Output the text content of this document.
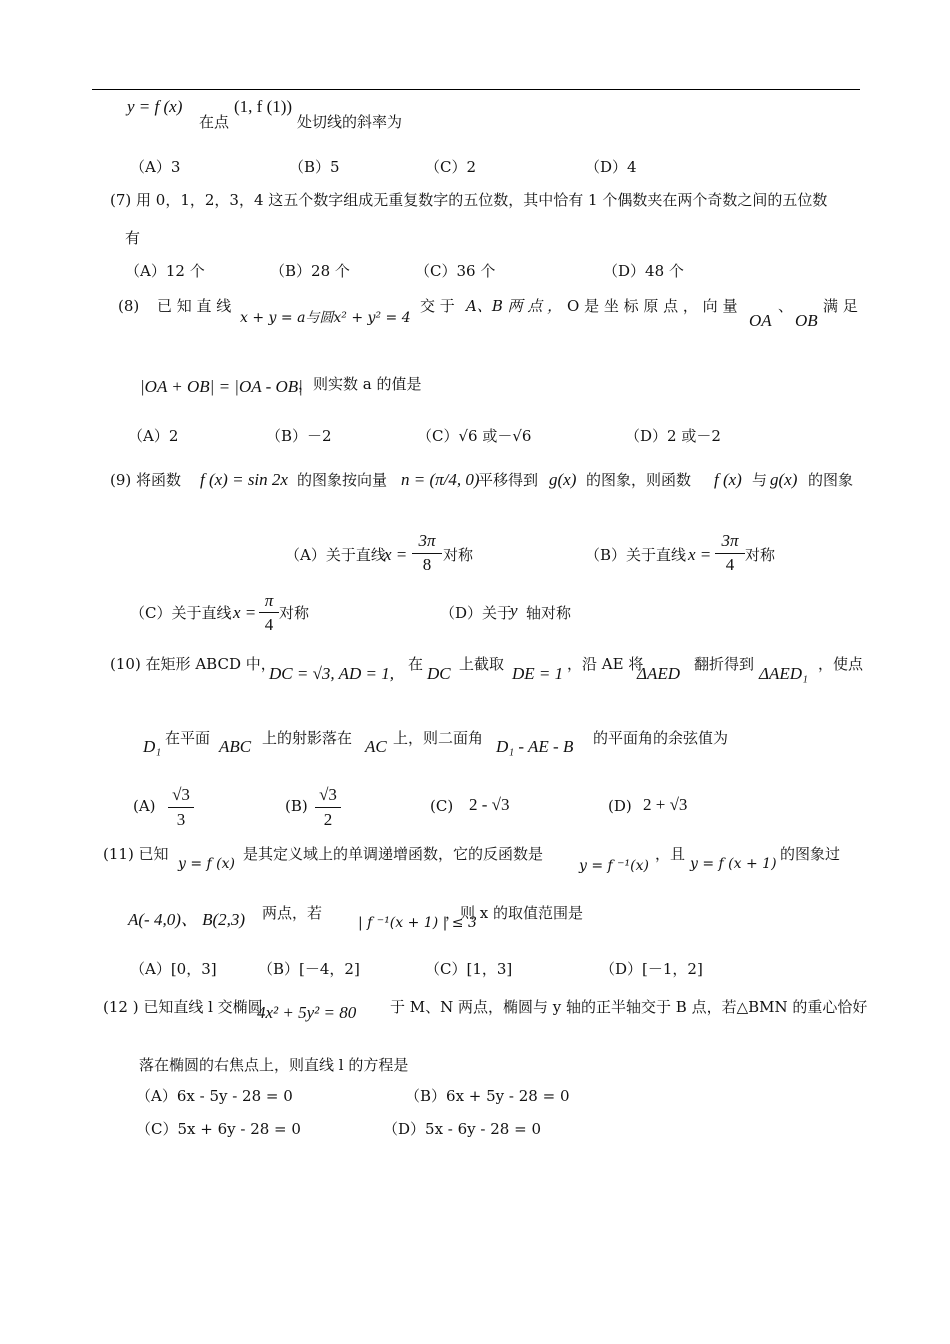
y = f (x)
在点
(1, f (1))
处切线的斜率为
（A）3	（B）5	（C）2	（D）4
(7) 用 0，1，2，3，4 这五个数字组成无重复数字的五位数，其中恰有 1 个偶数夹在两个奇数之间的五位数
有
（A）12 个	（B）28 个	（C）36 个	（D）48 个
(8) 已 知 直 线
x + y = a与圆x² + y² = 4
交 于 A、B 两 点 ， O 是 坐 标 原 点 ， 向 量
OA
、
OB
满 足
|OA + OB| = |OA - OB|
，则实数 a 的值是
（A）2	（B）－2	（C）√6 或－√6	（D）2 或－2
(9) 将函数 f (x) = sin 2x 的图象按向量 n = (π/4, 0)
平移得到 g(x) 的图象，则函数 f (x) 与 g(x) 的图象
（A）关于直线
x =
3π
8 对称	（B）关于直线 x =
3π
4 对称
（C）关于直线 x =
π
4
对称	（D）关于
y 轴对称
(10) 在矩形 ABCD 中，
DC = √3, AD = 1, 在 DC 上截取 DE = 1 ，沿 AE 将
ΔAED 翻折得到 ΔAED₁ ，使点
D₁ 在平面 ABC 上的射影落在 AC 上，则二面角 D₁ - AE - B 的平面角的余弦值为
(A)
√3
3
(B)
√3
2
(C) 2 - √3	(D) 2 + √3
(11) 已知
y = f (x)
是其定义域上的单调递增函数，它的反函数是
y = f ⁻¹(x)
，且
y = f (x + 1)
的图象过
A(- 4,0)、 B(2,3) 两点，若
| f ⁻¹(x + 1) | ≤ 3
，则 x 的取值范围是
（A）[0，3]	（B）[－4，2]	（C）[1，3]	（D）[－1，2]
(12 ) 已知直线 l 交椭圆
4x² + 5y² = 80 于 M、N 两点，椭圆与 y 轴的正半轴交于 B 点，若△BMN 的重心恰好
落在椭圆的右焦点上，则直线 l 的方程是
（A）6x - 5y - 28 = 0	（B）6x + 5y - 28 = 0
（C）5x + 6y - 28 = 0	（D）5x - 6y - 28 = 0
